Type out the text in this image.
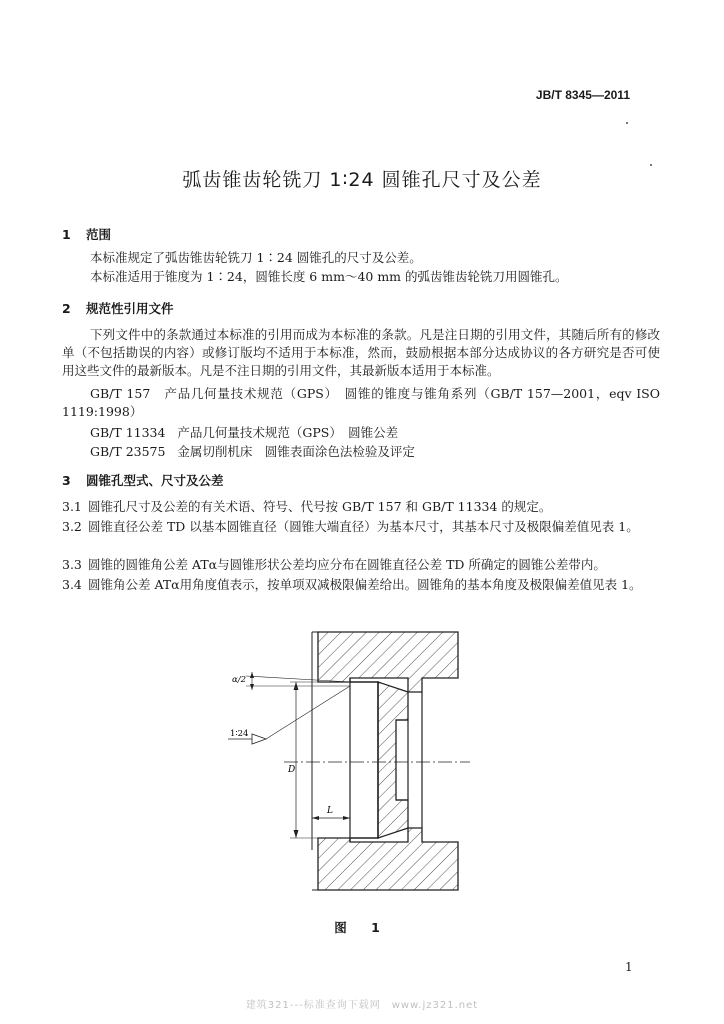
JB/T 8345—2011
弧齿锥齿轮铣刀 1∶24 圆锥孔尺寸及公差
1 范围
本标准规定了弧齿锥齿轮铣刀 1∶24 圆锥孔的尺寸及公差。
本标准适用于锥度为 1∶24，圆锥长度 6 mm～40 mm 的弧齿锥齿轮铣刀用圆锥孔。
2 规范性引用文件
下列文件中的条款通过本标准的引用而成为本标准的条款。凡是注日期的引用文件，其随后所有的修改单（不包括勘误的内容）或修订版均不适用于本标准，然而，鼓励根据本部分达成协议的各方研究是否可使用这些文件的最新版本。凡是不注日期的引用文件，其最新版本适用于本标准。
GB/T 157 产品几何量技术规范（GPS）　圆锥的锥度与锥角系列（GB/T 157—2001，eqv ISO 1119:1998）
GB/T 11334 产品几何量技术规范（GPS）　圆锥公差
GB/T 23575 金属切削机床　圆锥表面涂色法检验及评定
3 圆锥孔型式、尺寸及公差
3.1 圆锥孔尺寸及公差的有关术语、符号、代号按 GB/T 157 和 GB/T 11334 的规定。
3.2 圆锥直径公差 TD 以基本圆锥直径（圆锥大端直径）为基本尺寸，其基本尺寸及极限偏差值见表 1。
3.3 圆锥的圆锥角公差 ATα与圆锥形状公差均应分布在圆锥直径公差 TD 所确定的圆锥公差带内。
3.4 圆锥角公差 ATα用角度值表示，按单项双减极限偏差给出。圆锥角的基本角度及极限偏差值见表 1。
D
L
α/2
1∶24
图 1
1
建筑321---标准查询下载网　www.jz321.net
